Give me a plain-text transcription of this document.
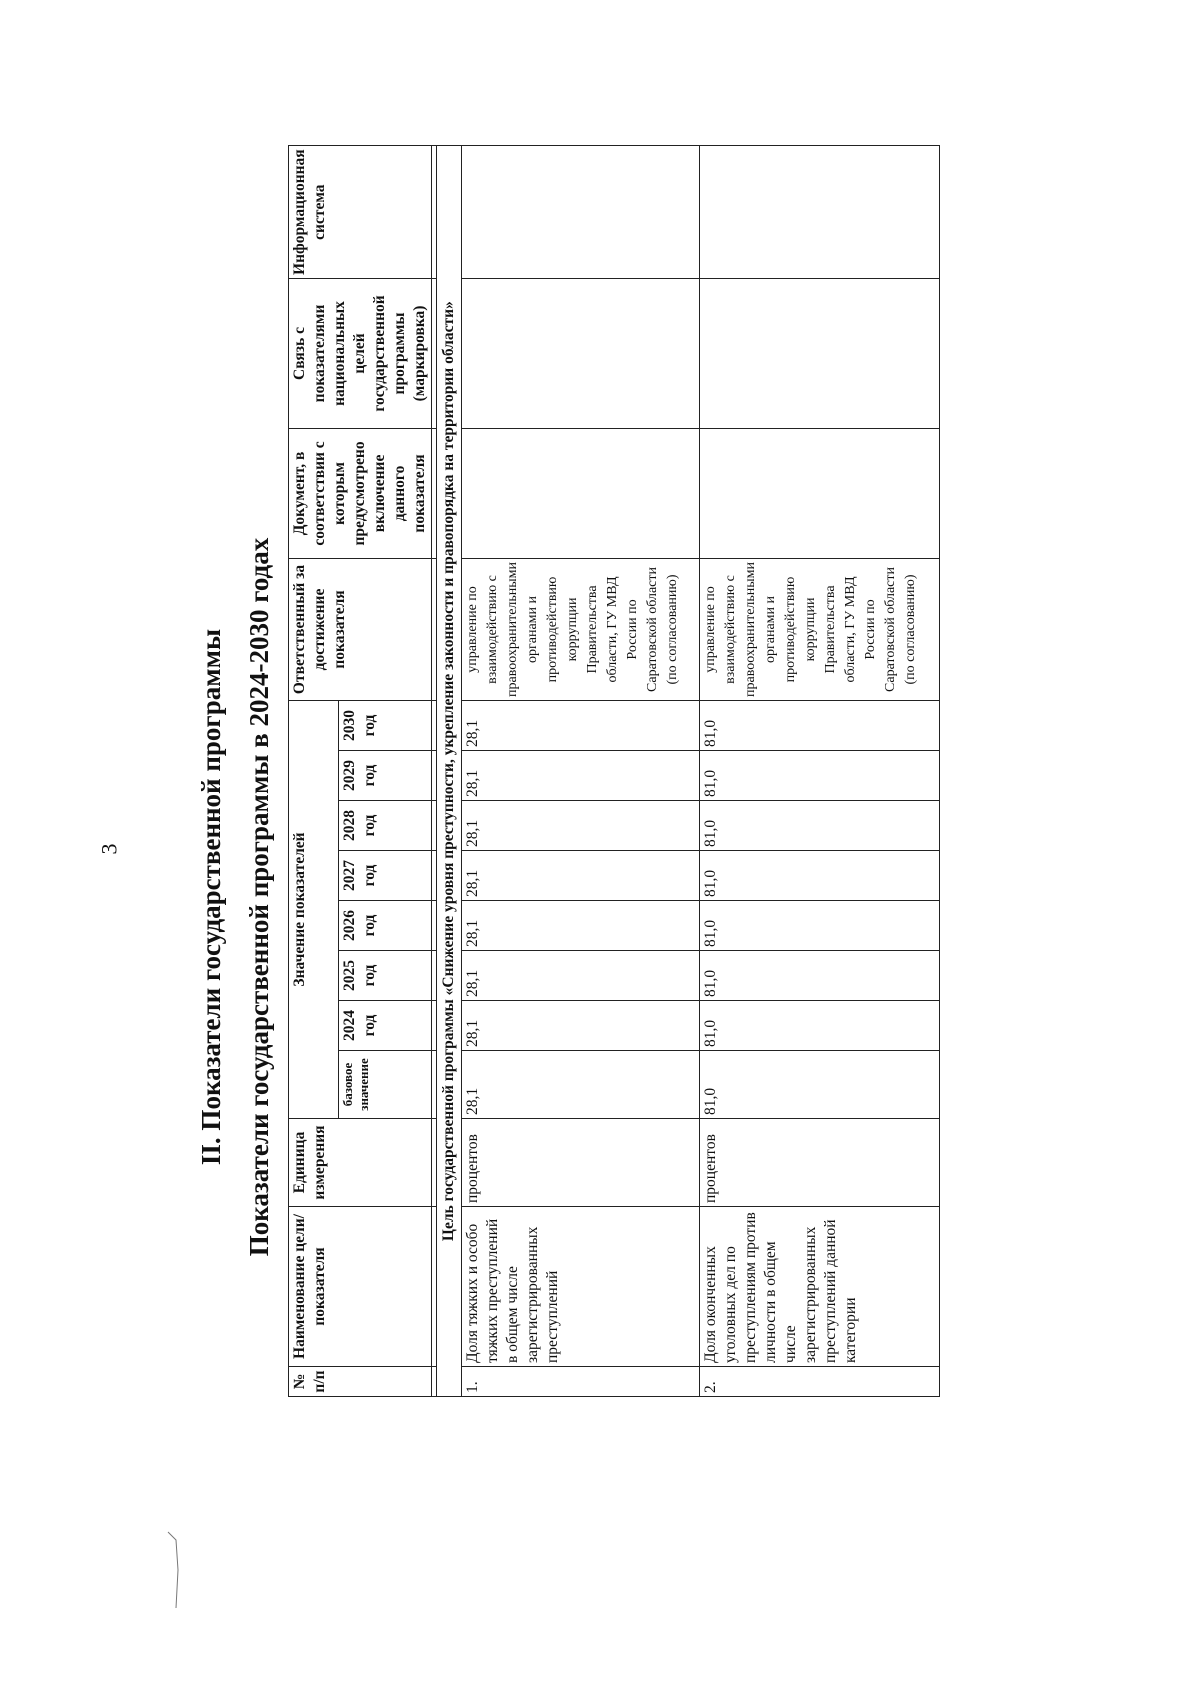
3	II. Показатели государственной программы Показатели государственной программы в 2024-2030 годах
№ п/п	Наименование цели/показателя	Единица измерения	Значение показателей								Ответственный за достижение показателя	Документ, в соответствии с которым предусмотрено включение данного показателя	Связь с показателями национальных целей государственной программы (маркировка)	Информационная система
			базовое значение	2024 год	2025 год	2026 год	2027 год	2028 год	2029 год	2030 год				

Цель государственной программы «Снижение уровня преступности, укрепление законности и правопорядка на территории области»														
1.	Доля тяжких и особо тяжких преступлений в общем числе зарегистрированных преступлений	процентов	28,1	28,1	28,1	28,1	28,1	28,1	28,1	28,1	управление по взаимодействию с правоохранительными органами и противодействию коррупции Правительства области, ГУ МВД России по Саратовской области (по согласованию)			
2.	Доля оконченных уголовных дел по преступлениям против личности в общем числе зарегистрированных преступлений данной категории	процентов	81,0	81,0	81,0	81,0	81,0	81,0	81,0	81,0	управление по взаимодействию с правоохранительными органами и противодействию коррупции Правительства области, ГУ МВД России по Саратовской области (по согласованию)			
